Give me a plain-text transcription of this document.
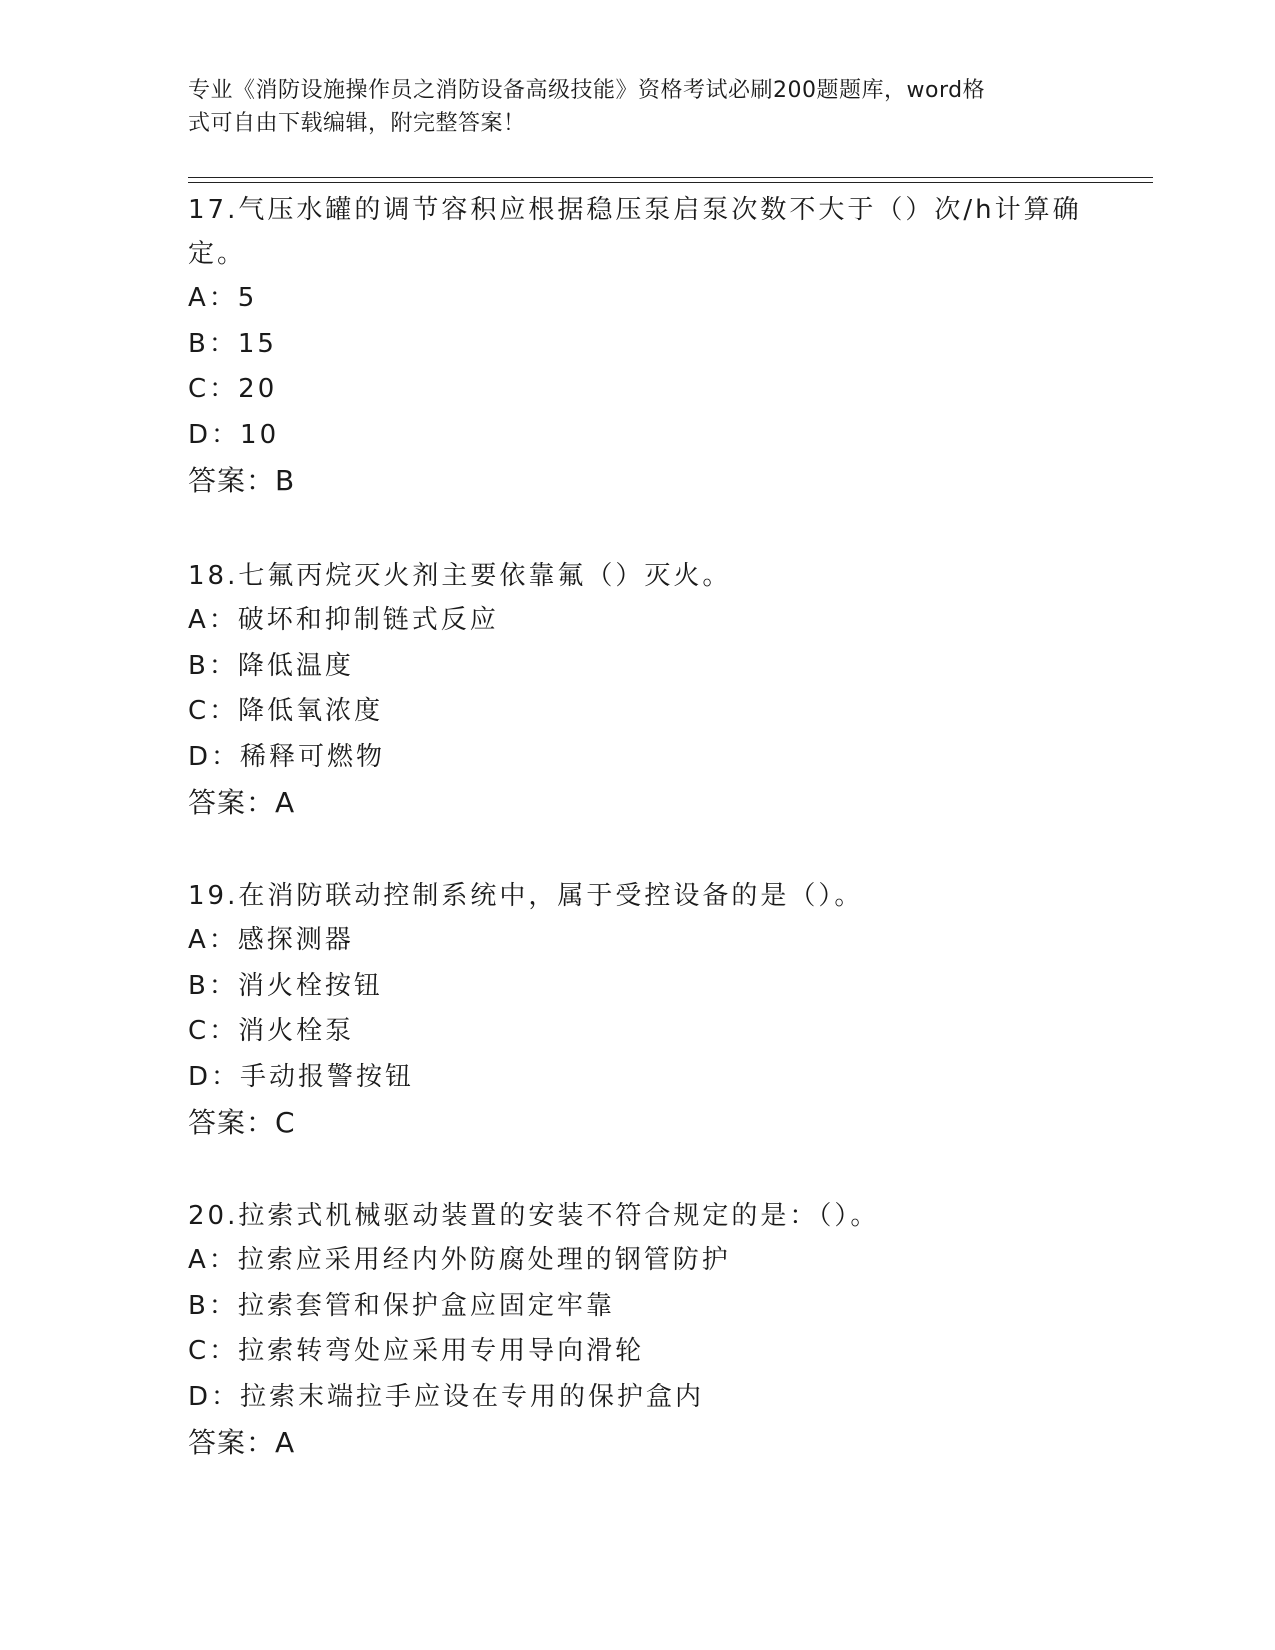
专业《消防设施操作员之消防设备高级技能》资格考试必刷200题题库，word格
式可自由下载编辑，附完整答案！

17.气压水罐的调节容积应根据稳压泵启泵次数不大于（）次/h计算确

定。

A：5

B：15

C：20

D：10

答案：B

18.七氟丙烷灭火剂主要依靠氟（）灭火。

A：破坏和抑制链式反应

B：降低温度

C：降低氧浓度

D：稀释可燃物

答案：A

19.在消防联动控制系统中，属于受控设备的是（）。

A：感探测器

B：消火栓按钮

C：消火栓泵

D：手动报警按钮

答案：C

20.拉索式机械驱动装置的安装不符合规定的是：（）。

A：拉索应采用经内外防腐处理的钢管防护

B：拉索套管和保护盒应固定牢靠

C：拉索转弯处应采用专用导向滑轮

D：拉索末端拉手应设在专用的保护盒内

答案：A
